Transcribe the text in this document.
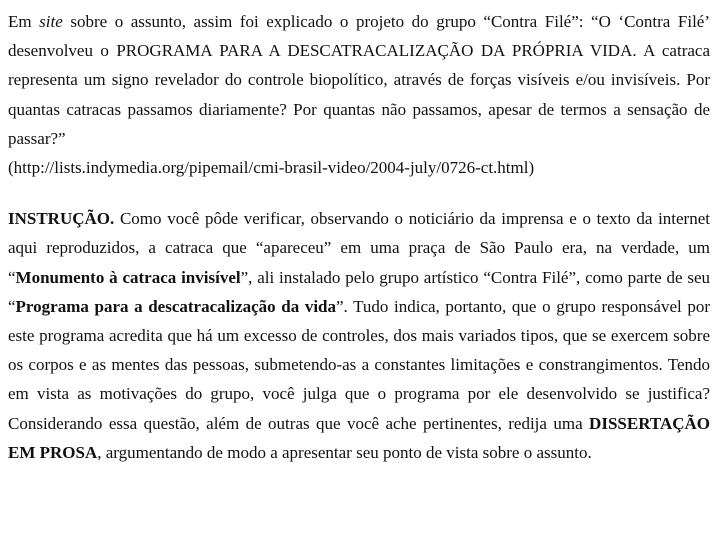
Em site sobre o assunto, assim foi explicado o projeto do grupo “Contra Filé”: “O ‘Contra Filé’ desenvolveu o PROGRAMA PARA A DESCATRACALIZAÇÃO DA PRÓPRIA VIDA. A catraca representa um signo revelador do controle biopolítico, através de forças visíveis e/ou invisíveis. Por quantas catracas passamos diariamente? Por quantas não passamos, apesar de termos a sensação de passar?”
(http://lists.indymedia.org/pipemail/cmi-brasil-video/2004-july/0726-ct.html)

INSTRUÇÃO. Como você pôde verificar, observando o noticiário da imprensa e o texto da internet aqui reproduzidos, a catraca que “apareceu” em uma praça de São Paulo era, na verdade, um “Monumento à catraca invisível”, ali instalado pelo grupo artístico “Contra Filé”, como parte de seu “Programa para a descatracalização da vida”. Tudo indica, portanto, que o grupo responsável por este programa acredita que há um excesso de controles, dos mais variados tipos, que se exercem sobre os corpos e as mentes das pessoas, submetendo-as a constantes limitações e constrangimentos. Tendo em vista as motivações do grupo, você julga que o programa por ele desenvolvido se justifica? Considerando essa questão, além de outras que você ache pertinentes, redija uma DISSERTAÇÃO EM PROSA, argumentando de modo a apresentar seu ponto de vista sobre o assunto.
